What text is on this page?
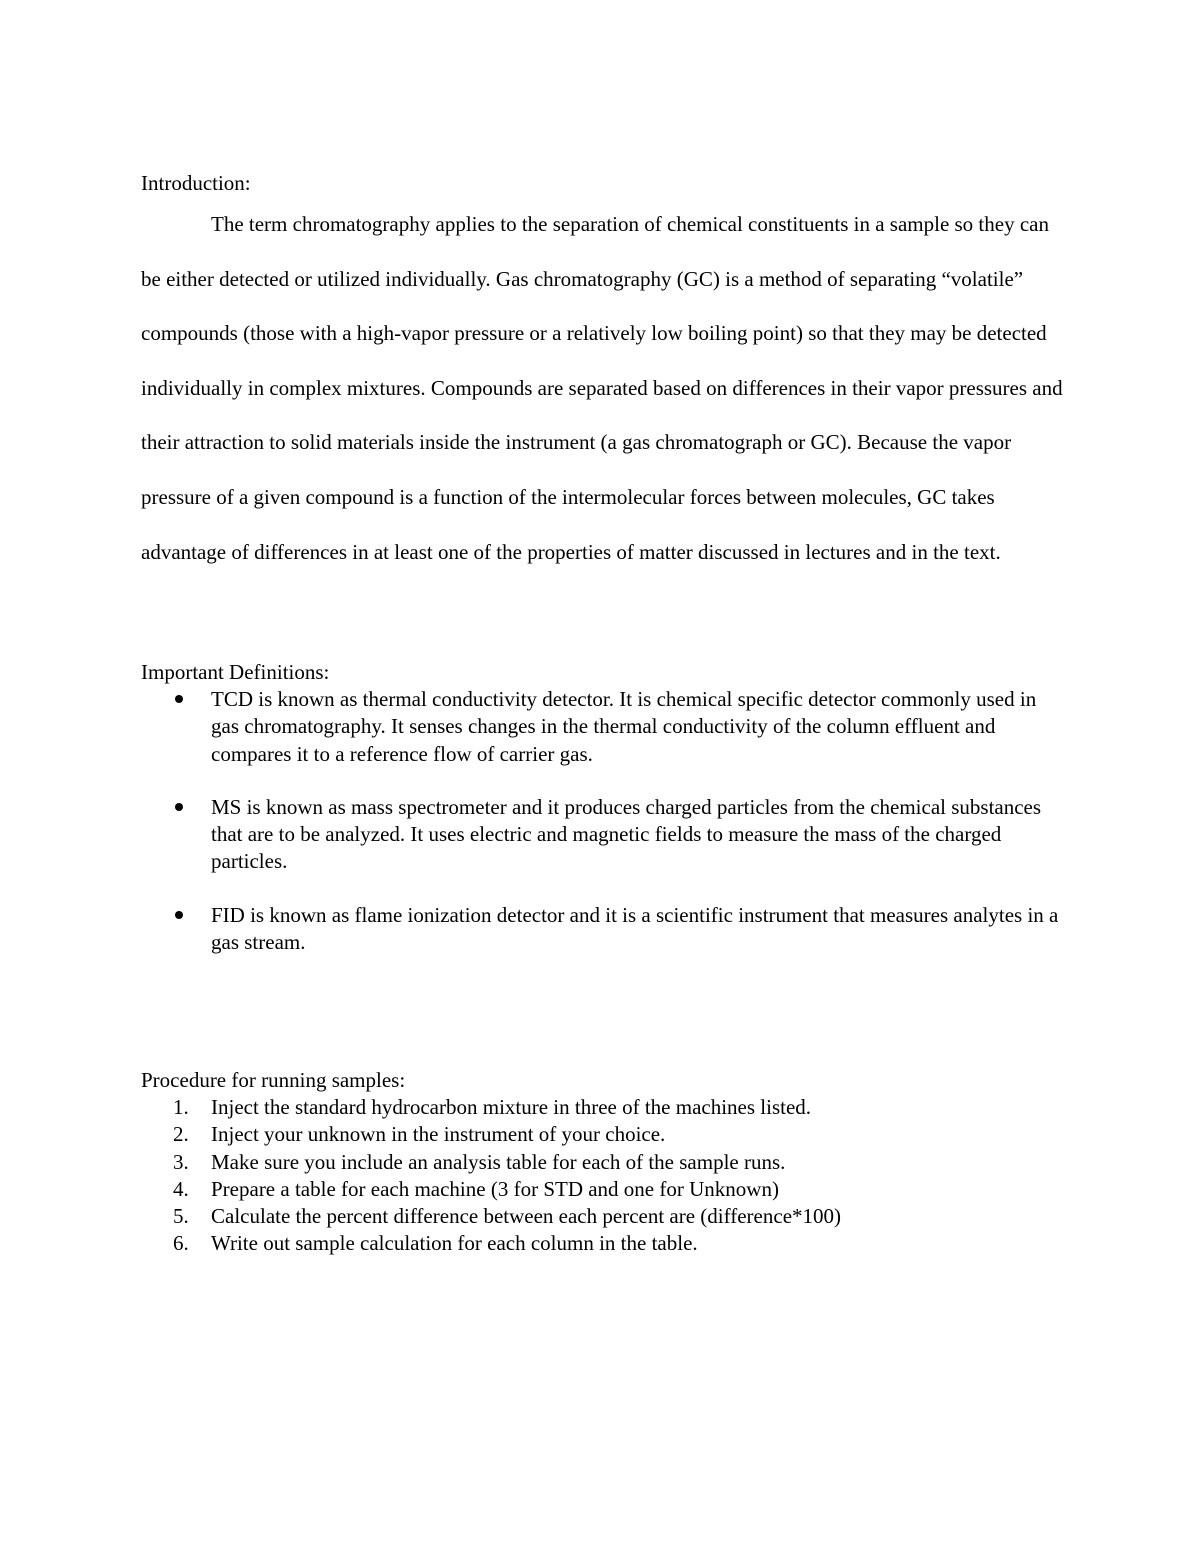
Introduction:

The term chromatography applies to the separation of chemical constituents in a sample so they can be either detected or utilized individually. Gas chromatography (GC) is a method of separating “volatile” compounds (those with a high-vapor pressure or a relatively low boiling point) so that they may be detected individually in complex mixtures. Compounds are separated based on differences in their vapor pressures and their attraction to solid materials inside the instrument (a gas chromatograph or GC). Because the vapor pressure of a given compound is a function of the intermolecular forces between molecules, GC takes advantage of differences in at least one of the properties of matter discussed in lectures and in the text.

Important Definitions:
TCD is known as thermal conductivity detector. It is chemical specific detector commonly used in gas chromatography. It senses changes in the thermal conductivity of the column effluent and compares it to a reference flow of carrier gas.
MS is known as mass spectrometer and it produces charged particles from the chemical substances that are to be analyzed. It uses electric and magnetic fields to measure the mass of the charged particles.
FID is known as flame ionization detector and it is a scientific instrument that measures analytes in a gas stream.
Procedure for running samples:
1. Inject the standard hydrocarbon mixture in three of the machines listed.
2. Inject your unknown in the instrument of your choice.
3. Make sure you include an analysis table for each of the sample runs.
4. Prepare a table for each machine (3 for STD and one for Unknown)
5. Calculate the percent difference between each percent are (difference*100)
6. Write out sample calculation for each column in the table.
